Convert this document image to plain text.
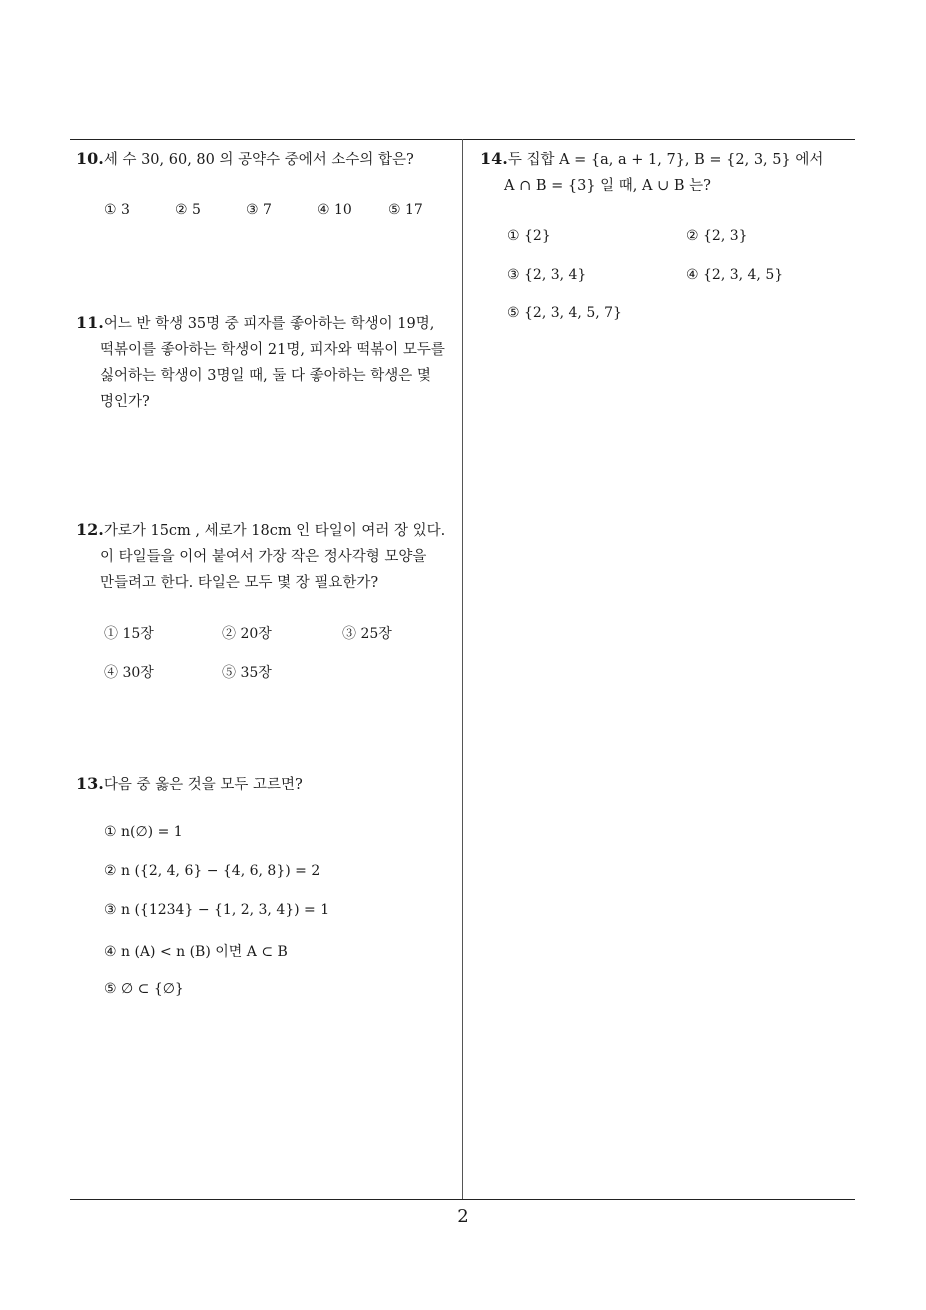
10.세 수 30, 60, 80 의 공약수 중에서 소수의 합은?
① 3	② 5	③ 7	④ 10	⑤ 17
11.어느 반 학생 35명 중 피자를 좋아하는 학생이 19명,
떡볶이를 좋아하는 학생이 21명, 피자와 떡볶이 모두를
싫어하는 학생이 3명일 때, 둘 다 좋아하는 학생은 몇
명인가?
12.가로가 15cm , 세로가 18cm 인 타일이 여러 장 있다.
이 타일들을 이어 붙여서 가장 작은 정사각형 모양을
만들려고 한다. 타일은 모두 몇 장 필요한가?
① 15장	② 20장	③ 25장
④ 30장	⑤ 35장
13.다음 중 옳은 것을 모두 고르면?
① n(∅) = 1
② n ({2, 4, 6} − {4, 6, 8}) = 2
③ n ({1234} − {1, 2, 3, 4}) = 1
④ n (A) < n (B) 이면 A ⊂ B
⑤ ∅ ⊂ {∅}
14.두 집합 A = {a, a + 1, 7}, B = {2, 3, 5} 에서
A ∩ B = {3} 일 때, A ∪ B 는?
① {2}	② {2, 3}
③ {2, 3, 4}	④ {2, 3, 4, 5}
⑤ {2, 3, 4, 5, 7}
2
